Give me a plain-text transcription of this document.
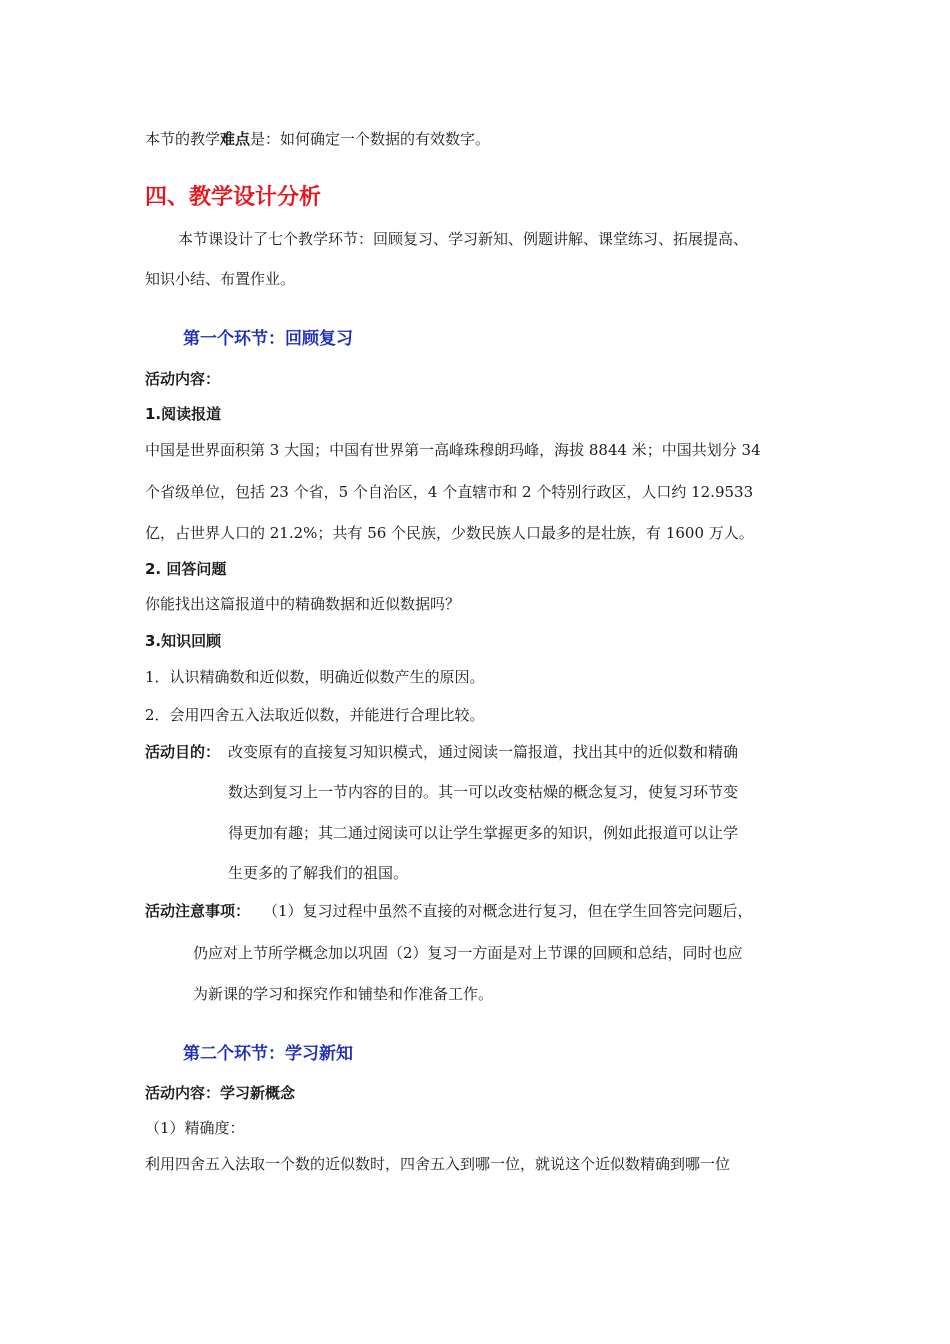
本节的教学难点是：如何确定一个数据的有效数字。
四、教学设计分析
本节课设计了七个教学环节：回顾复习、学习新知、例题讲解、课堂练习、拓展提高、
知识小结、布置作业。
第一个环节：回顾复习
活动内容：
1.阅读报道
中国是世界面积第 3 大国；中国有世界第一高峰珠穆朗玛峰，海拔 8844 米；中国共划分 34
个省级单位，包括 23 个省，5 个自治区，4 个直辖市和 2 个特别行政区，人口约 12.9533
亿，占世界人口的 21.2%；共有 56 个民族，少数民族人口最多的是壮族，有 1600 万人。
2. 回答问题
你能找出这篇报道中的精确数据和近似数据吗？
3.知识回顾
1．认识精确数和近似数，明确近似数产生的原因。
2．会用四舍五入法取近似数，并能进行合理比较。
活动目的： 改变原有的直接复习知识模式，通过阅读一篇报道，找出其中的近似数和精确
数达到复习上一节内容的目的。其一可以改变枯燥的概念复习，使复习环节变
得更加有趣；其二通过阅读可以让学生掌握更多的知识，例如此报道可以让学
生更多的了解我们的祖国。
活动注意事项： （1）复习过程中虽然不直接的对概念进行复习，但在学生回答完问题后，
仍应对上节所学概念加以巩固（2）复习一方面是对上节课的回顾和总结，同时也应
为新课的学习和探究作和铺垫和作准备工作。
第二个环节：学习新知
活动内容：学习新概念
（1）精确度：
利用四舍五入法取一个数的近似数时，四舍五入到哪一位，就说这个近似数精确到哪一位
